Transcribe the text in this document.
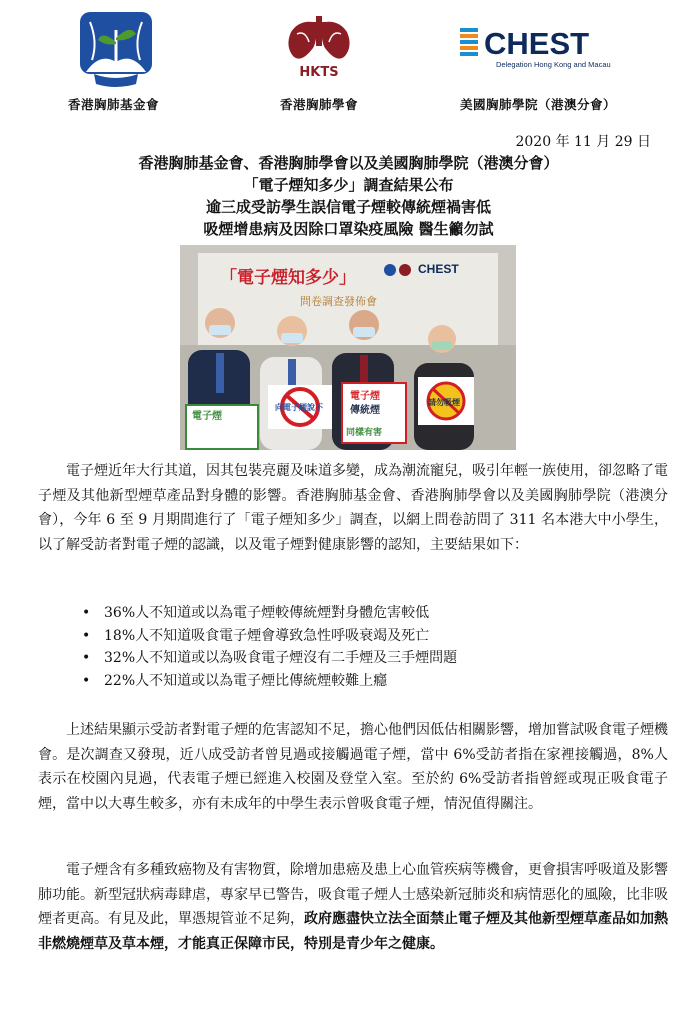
香港胸肺基金會
HKTS
香港胸肺學會
CHEST
Delegation Hong Kong and Macau
美國胸肺學院（港澳分會）
2020 年 11 月 29 日
香港胸肺基金會、香港胸肺學會以及美國胸肺學院（港澳分會）
「電子煙知多少」調查結果公布
逾三成受訪學生誤信電子煙較傳統煙禍害低
吸煙增患病及因除口罩染疫風險 醫生籲勿試
「電子煙知多少」
問卷調查發佈會
CHEST
電子煙
向電子煙說不
電子煙
傳統煙
同樣有害
請勿吸煙

電子煙近年大行其道，因其包裝亮麗及味道多變，成為潮流寵兒，吸引年輕一族使用，卻忽略了電子煙及其他新型煙草產品對身體的影響。香港胸肺基金會、香港胸肺學會以及美國胸肺學院（港澳分會），今年 6 至 9 月期間進行了「電子煙知多少」調查，以網上問卷訪問了 311 名本港大中小學生，以了解受訪者對電子煙的認識，以及電子煙對健康影響的認知，主要結果如下：

• 36%人不知道或以為電子煙較傳統煙對身體危害較低
• 18%人不知道吸食電子煙會導致急性呼吸衰竭及死亡
• 32%人不知道或以為吸食電子煙沒有二手煙及三手煙問題
• 22%人不知道或以為電子煙比傳統煙較難上癮

上述結果顯示受訪者對電子煙的危害認知不足，擔心他們因低估相關影響，增加嘗試吸食電子煙機會。是次調查又發現，近八成受訪者曾見過或接觸過電子煙，當中 6%受訪者指在家裡接觸過，8%人表示在校園內見過，代表電子煙已經進入校園及登堂入室。至於約 6%受訪者指曾經或現正吸食電子煙，當中以大專生較多，亦有未成年的中學生表示曾吸食電子煙，情況值得關注。

電子煙含有多種致癌物及有害物質，除增加患癌及患上心血管疾病等機會，更會損害呼吸道及影響肺功能。新型冠狀病毒肆虐，專家早已警告，吸食電子煙人士感染新冠肺炎和病情惡化的風險，比非吸煙者更高。有見及此，單憑規管並不足夠，政府應盡快立法全面禁止電子煙及其他新型煙草產品如加熱非燃燒煙草及草本煙，才能真正保障市民，特別是青少年之健康。
